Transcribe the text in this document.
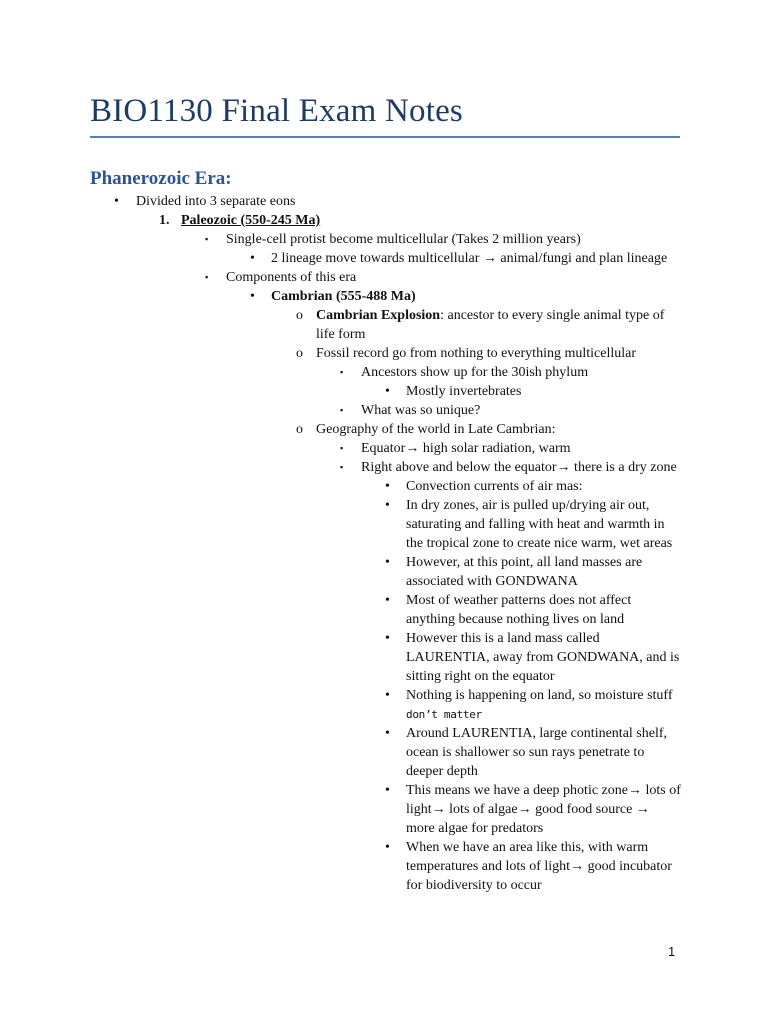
BIO1130 Final Exam Notes
Phanerozoic Era:
•	Divided into 3 separate eons
1. Paleozoic (550-245 Ma)
▪	Single-cell protist become multicellular (Takes 2 million years)
•	2 lineage move towards multicellular → animal/fungi and plan lineage
▪	Components of this era
•	Cambrian (555-488 Ma)
o Cambrian Explosion: ancestor to every single animal type of
life form
o Fossil record go from nothing to everything multicellular
▪	Ancestors show up for the 30ish phylum
•	Mostly invertebrates
▪	What was so unique?
o Geography of the world in Late Cambrian:
▪	Equator→ high solar radiation, warm
▪	Right above and below the equator→ there is a dry zone
•	Convection currents of air mas:
•	In dry zones, air is pulled up/drying air out,
saturating and falling with heat and warmth in
the tropical zone to create nice warm, wet areas
•	However, at this point, all land masses are
associated with GONDWANA
•	Most of weather patterns does not affect
anything because nothing lives on land
•	However this is a land mass called
LAURENTIA, away from GONDWANA, and is
sitting right on the equator
•	Nothing is happening on land, so moisture stuff
don’t matter
•	Around LAURENTIA, large continental shelf,
ocean is shallower so sun rays penetrate to
deeper depth
•	This means we have a deep photic zone→ lots of
light→ lots of algae→ good food source →
more algae for predators
•	When we have an area like this, with warm
temperatures and lots of light→ good incubator
for biodiversity to occur
1
